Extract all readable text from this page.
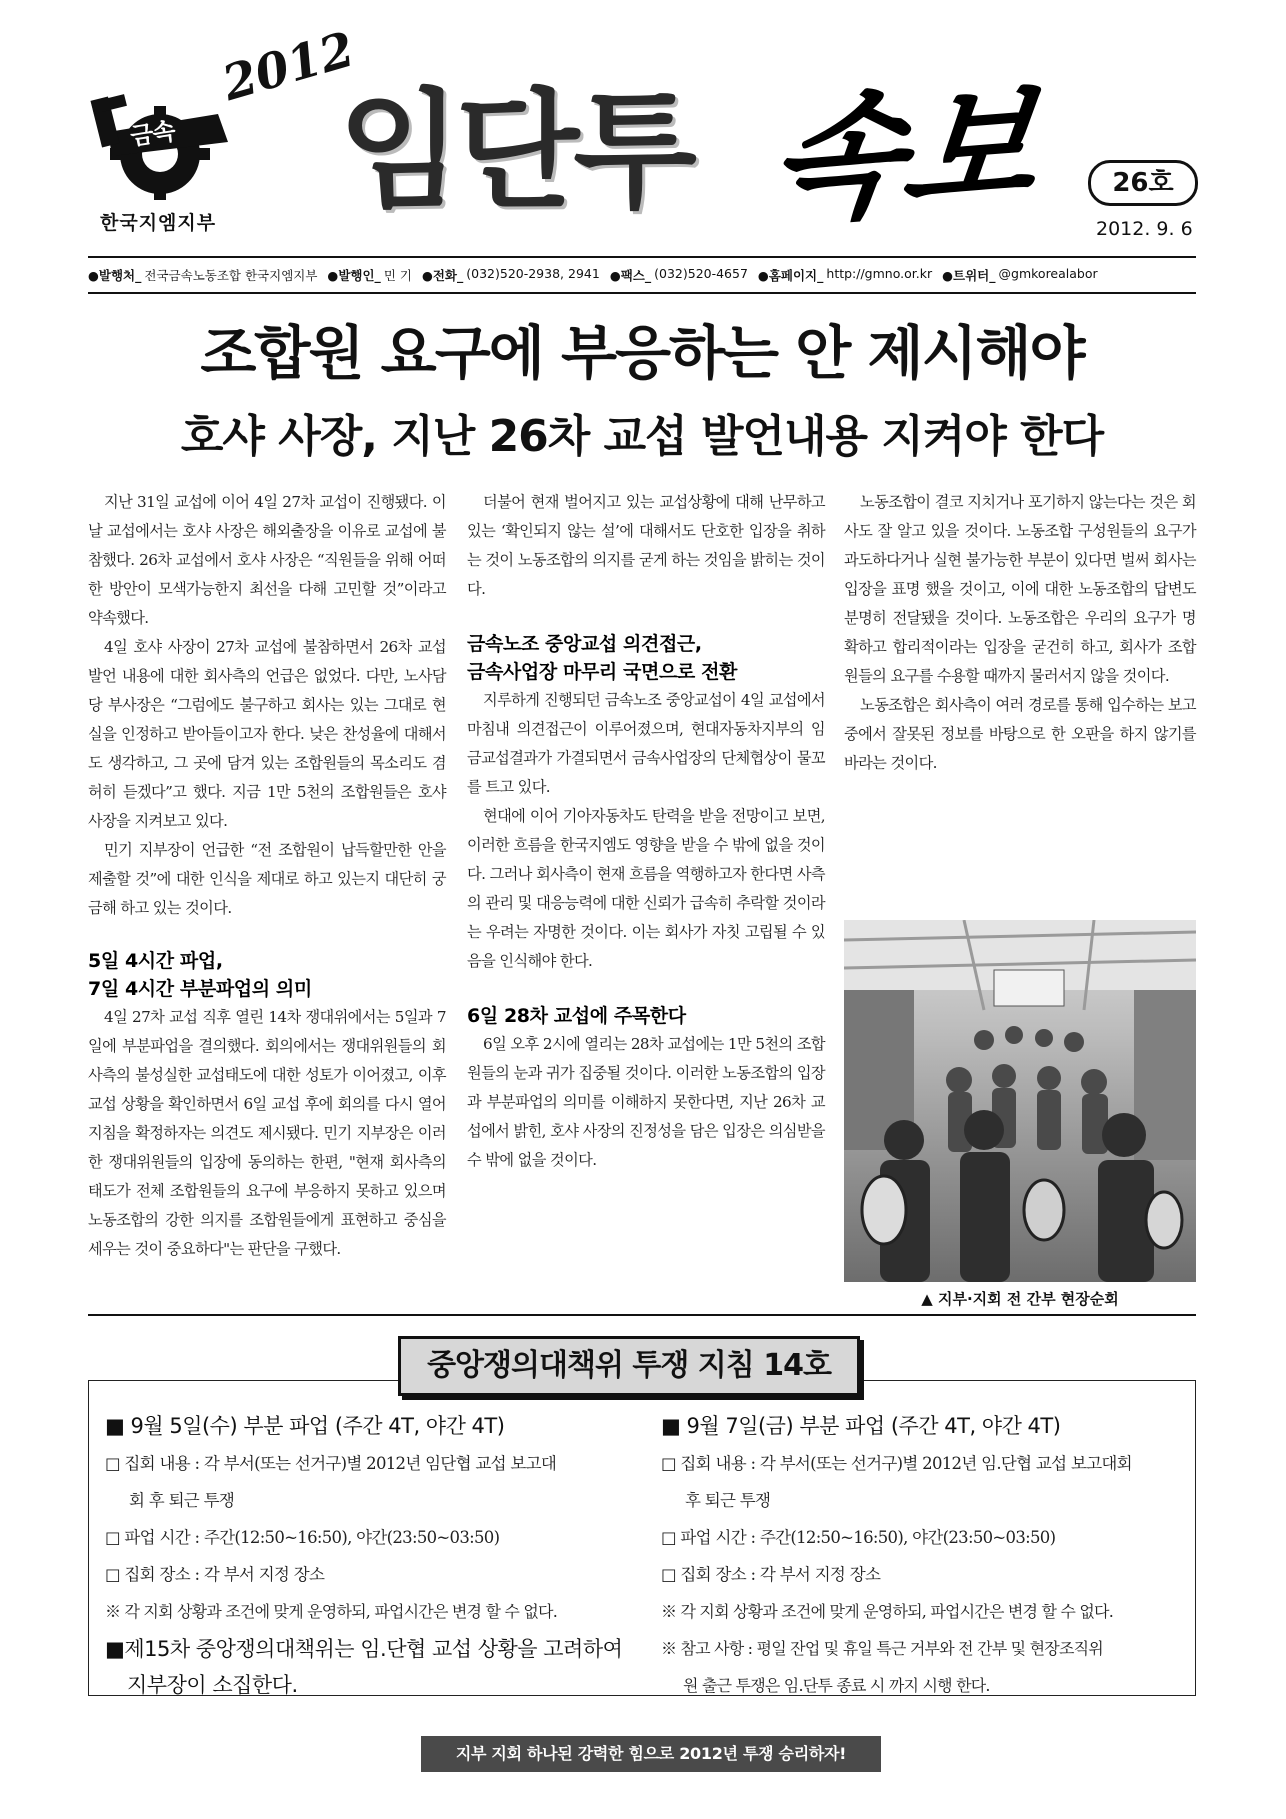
금속
한국지엠지부
2012
임단투 속보	26호
2012. 9. 6
●발행처_ 전국금속노동조합 한국지엠지부 ●발행인_ 민 기 ●전화_ (032)520-2938, 2941 ●팩스_ (032)520-4657 ●홈페이지_ http://gmno.or.kr ●트위터_ @gmkorealabor
조합원 요구에 부응하는 안 제시해야
호샤 사장, 지난 26차 교섭 발언내용 지켜야 한다

지난 31일 교섭에 이어 4일 27차 교섭이 진행됐다. 이날 교섭에서는 호샤 사장은 해외출장을 이유로 교섭에 불참했다. 26차 교섭에서 호샤 사장은 “직원들을 위해 어떠한 방안이 모색가능한지 최선을 다해 고민할 것”이라고 약속했다.

4일 호샤 사장이 27차 교섭에 불참하면서 26차 교섭발언 내용에 대한 회사측의 언급은 없었다. 다만, 노사담당 부사장은 “그럼에도 불구하고 회사는 있는 그대로 현실을 인정하고 받아들이고자 한다. 낮은 찬성율에 대해서도 생각하고, 그 곳에 담겨 있는 조합원들의 목소리도 겸허히 듣겠다”고 했다. 지금 1만 5천의 조합원들은 호샤 사장을 지켜보고 있다.

민기 지부장이 언급한 “전 조합원이 납득할만한 안을 제출할 것”에 대한 인식을 제대로 하고 있는지 대단히 궁금해 하고 있는 것이다.

5일 4시간 파업,
7일 4시간 부분파업의 의미

4일 27차 교섭 직후 열린 14차 쟁대위에서는 5일과 7일에 부분파업을 결의했다. 회의에서는 쟁대위원들의 회사측의 불성실한 교섭태도에 대한 성토가 이어졌고, 이후 교섭 상황을 확인하면서 6일 교섭 후에 회의를 다시 열어 지침을 확정하자는 의견도 제시됐다. 민기 지부장은 이러한 쟁대위원들의 입장에 동의하는 한편, "현재 회사측의 태도가 전체 조합원들의 요구에 부응하지 못하고 있으며 노동조합의 강한 의지를 조합원들에게 표현하고 중심을 세우는 것이 중요하다"는 판단을 구했다.

더불어 현재 벌어지고 있는 교섭상황에 대해 난무하고 있는 ‘확인되지 않는 설’에 대해서도 단호한 입장을 취하는 것이 노동조합의 의지를 굳게 하는 것임을 밝히는 것이다.

금속노조 중앙교섭 의견접근,
금속사업장 마무리 국면으로 전환

지루하게 진행되던 금속노조 중앙교섭이 4일 교섭에서 마침내 의견접근이 이루어졌으며, 현대자동차지부의 임금교섭결과가 가결되면서 금속사업장의 단체협상이 물꼬를 트고 있다.

현대에 이어 기아자동차도 탄력을 받을 전망이고 보면, 이러한 흐름을 한국지엠도 영향을 받을 수 밖에 없을 것이다. 그러나 회사측이 현재 흐름을 역행하고자 한다면 사측의 관리 및 대응능력에 대한 신뢰가 급속히 추락할 것이라는 우려는 자명한 것이다. 이는 회사가 자칫 고립될 수 있음을 인식해야 한다.

6일 28차 교섭에 주목한다

6일 오후 2시에 열리는 28차 교섭에는 1만 5천의 조합원들의 눈과 귀가 집중될 것이다. 이러한 노동조합의 입장과 부분파업의 의미를 이해하지 못한다면, 지난 26차 교섭에서 밝힌, 호샤 사장의 진정성을 담은 입장은 의심받을 수 밖에 없을 것이다.

노동조합이 결코 지치거나 포기하지 않는다는 것은 회사도 잘 알고 있을 것이다. 노동조합 구성원들의 요구가 과도하다거나 실현 불가능한 부분이 있다면 벌써 회사는 입장을 표명 했을 것이고, 이에 대한 노동조합의 답변도 분명히 전달됐을 것이다. 노동조합은 우리의 요구가 명확하고 합리적이라는 입장을 굳건히 하고, 회사가 조합원들의 요구를 수용할 때까지 물러서지 않을 것이다.

노동조합은 회사측이 여러 경로를 통해 입수하는 보고 중에서 잘못된 정보를 바탕으로 한 오판을 하지 않기를 바라는 것이다.

▲ 지부·지회 전 간부 현장순회
중앙쟁의대책위 투쟁 지침 14호
■ 9월 5일(수) 부분 파업 (주간 4T, 야간 4T)
□ 집회 내용 : 각 부서(또는 선거구)별 2012년 임단협 교섭 보고대
회 후 퇴근 투쟁
□ 파업 시간 : 주간(12:50~16:50), 야간(23:50~03:50)
□ 집회 장소 : 각 부서 지정 장소
※ 각 지회 상황과 조건에 맞게 운영하되, 파업시간은 변경 할 수 없다.
■제15차 중앙쟁의대책위는 임.단협 교섭 상황을 고려하여
지부장이 소집한다.
■ 9월 7일(금) 부분 파업 (주간 4T, 야간 4T)
□ 집회 내용 : 각 부서(또는 선거구)별 2012년 임.단협 교섭 보고대회
후 퇴근 투쟁
□ 파업 시간 : 주간(12:50~16:50), 야간(23:50~03:50)
□ 집회 장소 : 각 부서 지정 장소
※ 각 지회 상황과 조건에 맞게 운영하되, 파업시간은 변경 할 수 없다.
※ 참고 사항 : 평일 잔업 및 휴일 특근 거부와 전 간부 및 현장조직위
원 출근 투쟁은 임.단투 종료 시 까지 시행 한다.
지부 지회 하나된 강력한 힘으로 2012년 투쟁 승리하자!
